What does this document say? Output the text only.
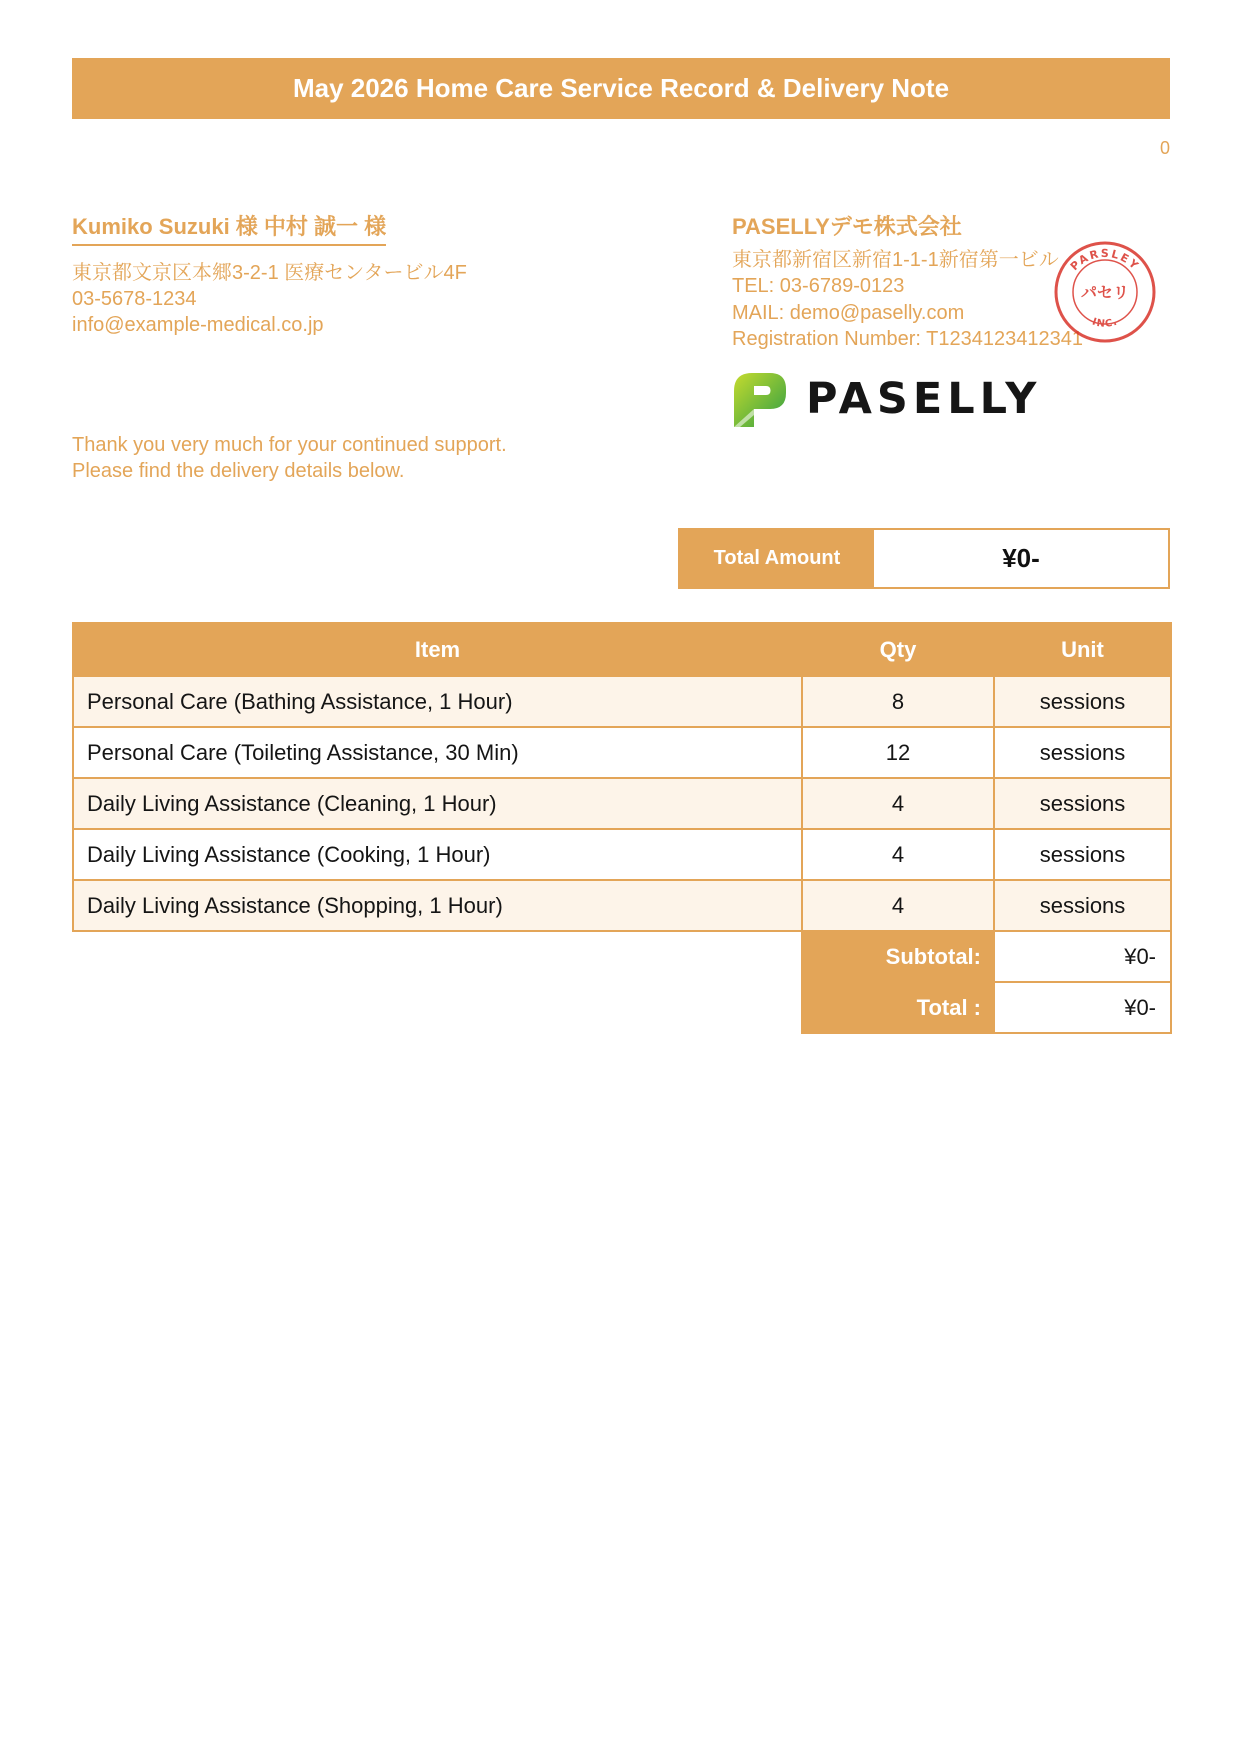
May 2026 Home Care Service Record & Delivery Note
0
Kumiko Suzuki 様 中村 誠一 様
東京都文京区本郷3-2-1 医療センタービル4F
03-5678-1234
info@example-medical.co.jp
PASELLYデモ株式会社
東京都新宿区新宿1-1-1新宿第一ビル
TEL: 03-6789-0123
MAIL: demo@paselly.com
Registration Number: T1234123412341
PARSLEY
INC.
パセリ
PASELLY
Thank you very much for your continued support.
Please find the delivery details below.
Total Amount	¥0-
Item	Qty	Unit
Personal Care (Bathing Assistance, 1 Hour)	8	sessions
Personal Care (Toileting Assistance, 30 Min)	12	sessions
Daily Living Assistance (Cleaning, 1 Hour)	4	sessions
Daily Living Assistance (Cooking, 1 Hour)	4	sessions
Daily Living Assistance (Shopping, 1 Hour)	4	sessions
	Subtotal:	¥0-
	Total :	¥0-
